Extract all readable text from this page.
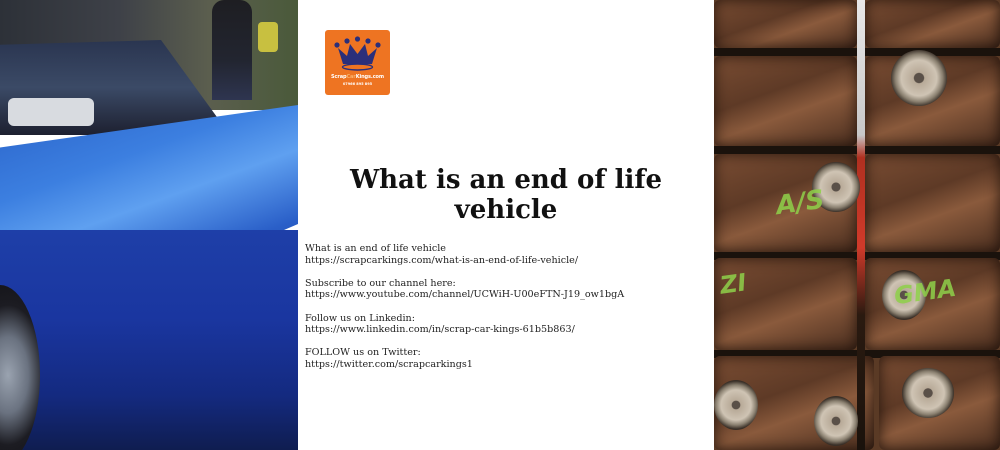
ScrapCarKings.com
07966 895 895
What is an end of life vehicle

What is an end of life vehicle
https://scrapcarkings.com/what-is-an-end-of-life-vehicle/

Subscribe to our channel here:
https://www.youtube.com/channel/UCWiH-U00eFTN-J19_ow1bgA

Follow us on Linkedin:
https://www.linkedin.com/in/scrap-car-kings-61b5b863/

FOLLOW us on Twitter:
https://twitter.com/scrapcarkings1

A/S
ZI	GMA
